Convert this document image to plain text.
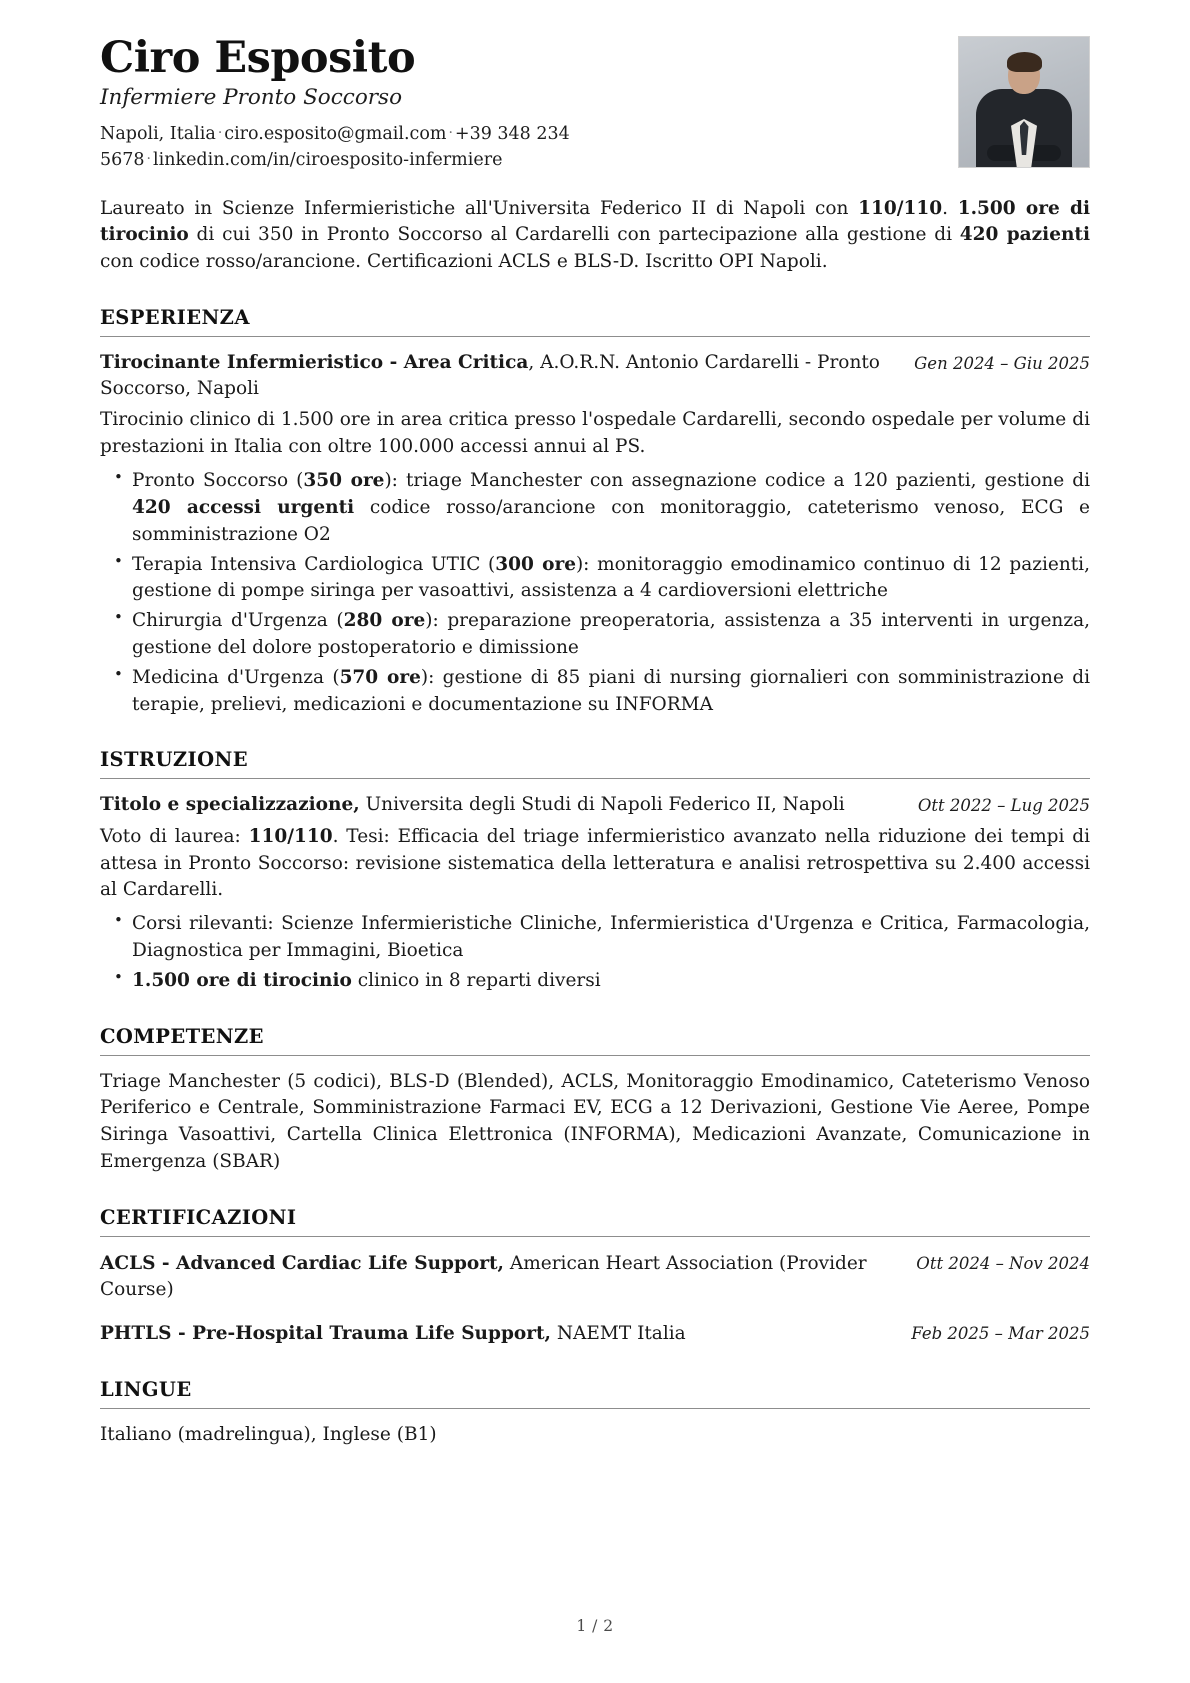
Ciro Esposito
Infermiere Pronto Soccorso
Napoli, Italia · ciro.esposito@gmail.com · +39 348 234 5678 · linkedin.com/in/ciroesposito-infermiere
Laureato in Scienze Infermieristiche all'Universita Federico II di Napoli con 110/110. 1.500 ore di tirocinio di cui 350 in Pronto Soccorso al Cardarelli con partecipazione alla gestione di 420 pazienti con codice rosso/arancione. Certificazioni ACLS e BLS-D. Iscritto OPI Napoli.
ESPERIENZA
Tirocinante Infermieristico - Area Critica, A.O.R.N. Antonio Cardarelli - Pronto Soccorso, Napoli
Gen 2024 – Giu 2025
Tirocinio clinico di 1.500 ore in area critica presso l'ospedale Cardarelli, secondo ospedale per volume di prestazioni in Italia con oltre 100.000 accessi annui al PS.
• Pronto Soccorso (350 ore): triage Manchester con assegnazione codice a 120 pazienti, gestione di 420 accessi urgenti codice rosso/arancione con monitoraggio, cateterismo venoso, ECG e somministrazione O2
• Terapia Intensiva Cardiologica UTIC (300 ore): monitoraggio emodinamico continuo di 12 pazienti, gestione di pompe siringa per vasoattivi, assistenza a 4 cardioversioni elettriche
• Chirurgia d'Urgenza (280 ore): preparazione preoperatoria, assistenza a 35 interventi in urgenza, gestione del dolore postoperatorio e dimissione
• Medicina d'Urgenza (570 ore): gestione di 85 piani di nursing giornalieri con somministrazione di terapie, prelievi, medicazioni e documentazione su INFORMA
ISTRUZIONE
Titolo e specializzazione, Universita degli Studi di Napoli Federico II, Napoli	Ott 2022 – Lug 2025
Voto di laurea: 110/110. Tesi: Efficacia del triage infermieristico avanzato nella riduzione dei tempi di attesa in Pronto Soccorso: revisione sistematica della letteratura e analisi retrospettiva su 2.400 accessi al Cardarelli.
• Corsi rilevanti: Scienze Infermieristiche Cliniche, Infermieristica d'Urgenza e Critica, Farmacologia, Diagnostica per Immagini, Bioetica
• 1.500 ore di tirocinio clinico in 8 reparti diversi
COMPETENZE
Triage Manchester (5 codici), BLS-D (Blended), ACLS, Monitoraggio Emodinamico, Cateterismo Venoso Periferico e Centrale, Somministrazione Farmaci EV, ECG a 12 Derivazioni, Gestione Vie Aeree, Pompe Siringa Vasoattivi, Cartella Clinica Elettronica (INFORMA), Medicazioni Avanzate, Comunicazione in Emergenza (SBAR)
CERTIFICAZIONI
ACLS - Advanced Cardiac Life Support, American Heart Association (Provider Course)
Ott 2024 – Nov 2024
PHTLS - Pre-Hospital Trauma Life Support, NAEMT Italia	Feb 2025 – Mar 2025
LINGUE
Italiano (madrelingua), Inglese (B1)
1 / 2
